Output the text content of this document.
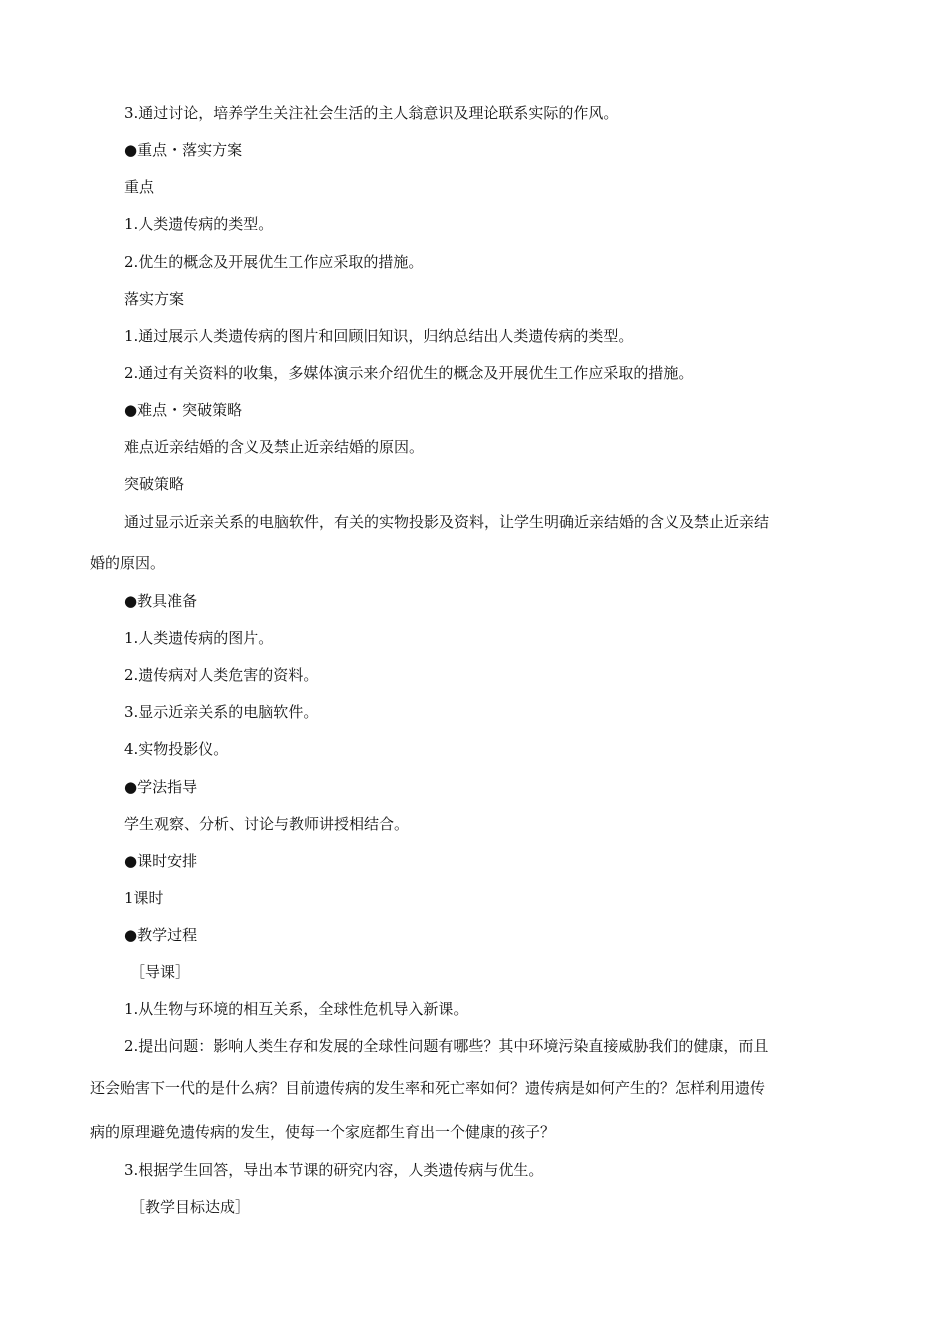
3.通过讨论，培养学生关注社会生活的主人翁意识及理论联系实际的作风。
●重点・落实方案
重点
1.人类遗传病的类型。
2.优生的概念及开展优生工作应采取的措施。
落实方案
1.通过展示人类遗传病的图片和回顾旧知识，归纳总结出人类遗传病的类型。
2.通过有关资料的收集，多媒体演示来介绍优生的概念及开展优生工作应采取的措施。
●难点・突破策略
难点近亲结婚的含义及禁止近亲结婚的原因。
突破策略
通过显示近亲关系的电脑软件，有关的实物投影及资料，让学生明确近亲结婚的含义及禁止近亲结
婚的原因。
●教具准备
1.人类遗传病的图片。
2.遗传病对人类危害的资料。
3.显示近亲关系的电脑软件。
4.实物投影仪。
●学法指导
学生观察、分析、讨论与教师讲授相结合。
●课时安排
1课时
●教学过程
［导课］
1.从生物与环境的相互关系，全球性危机导入新课。
2.提出问题：影响人类生存和发展的全球性问题有哪些？其中环境污染直接威胁我们的健康，而且
还会贻害下一代的是什么病？目前遗传病的发生率和死亡率如何？遗传病是如何产生的？怎样利用遗传
病的原理避免遗传病的发生，使每一个家庭都生育出一个健康的孩子？
3.根据学生回答，导出本节课的研究内容，人类遗传病与优生。
［教学目标达成］
